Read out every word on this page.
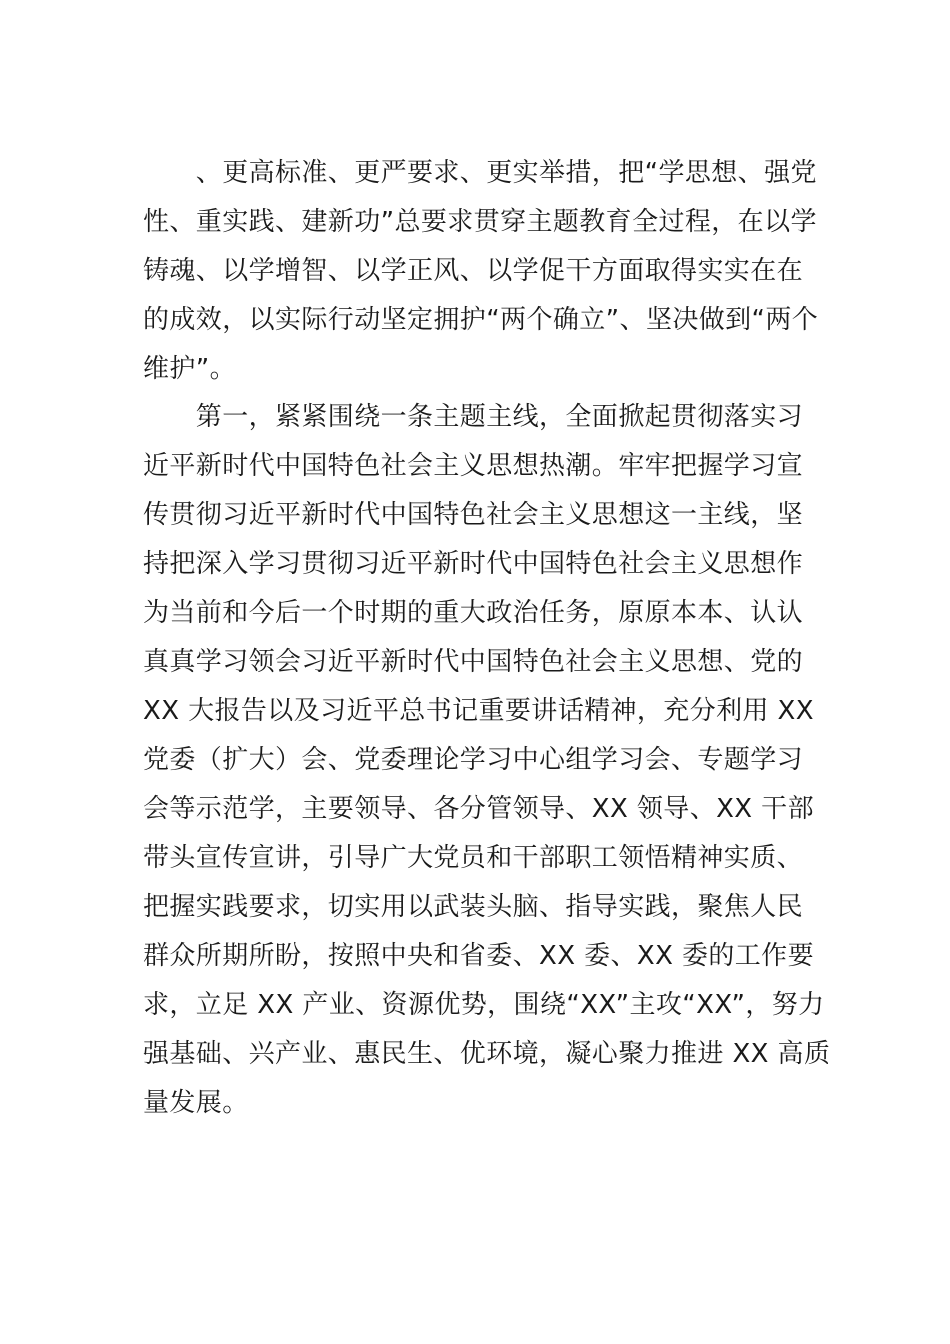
　　、更高标准、更严要求、更实举措，把“学思想、强党
性、重实践、建新功”总要求贯穿主题教育全过程，在以学
铸魂、以学增智、以学正风、以学促干方面取得实实在在
的成效，以实际行动坚定拥护“两个确立”、坚决做到“两个
维护”。
　　第一，紧紧围绕一条主题主线，全面掀起贯彻落实习
近平新时代中国特色社会主义思想热潮。牢牢把握学习宣
传贯彻习近平新时代中国特色社会主义思想这一主线，坚
持把深入学习贯彻习近平新时代中国特色社会主义思想作
为当前和今后一个时期的重大政治任务，原原本本、认认
真真学习领会习近平新时代中国特色社会主义思想、党的
XX 大报告以及习近平总书记重要讲话精神，充分利用 XX
党委（扩大）会、党委理论学习中心组学习会、专题学习
会等示范学，主要领导、各分管领导、XX 领导、XX 干部
带头宣传宣讲，引导广大党员和干部职工领悟精神实质、
把握实践要求，切实用以武装头脑、指导实践，聚焦人民
群众所期所盼，按照中央和省委、XX 委、XX 委的工作要
求，立足 XX 产业、资源优势，围绕“XX”主攻“XX”，努力
强基础、兴产业、惠民生、优环境，凝心聚力推进 XX 高质
量发展。
